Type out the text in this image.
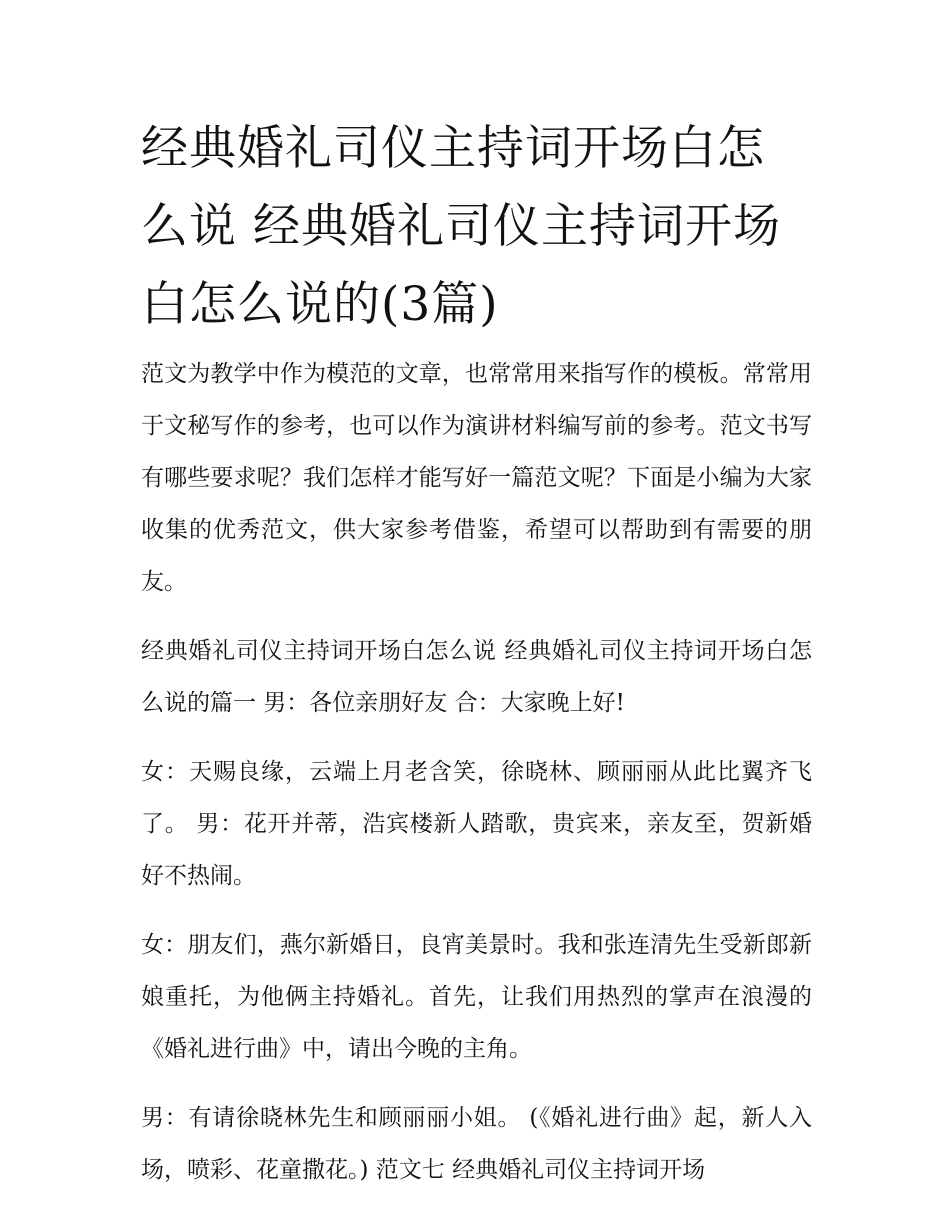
经典婚礼司仪主持词开场白怎么说 经典婚礼司仪主持词开场白怎么说的(3篇)

范文为教学中作为模范的文章，也常常用来指写作的模板。常常用于文秘写作的参考，也可以作为演讲材料编写前的参考。范文书写有哪些要求呢？我们怎样才能写好一篇范文呢？下面是小编为大家收集的优秀范文，供大家参考借鉴，希望可以帮助到有需要的朋友。

经典婚礼司仪主持词开场白怎么说 经典婚礼司仪主持词开场白怎么说的篇一 男：各位亲朋好友 合：大家晚上好!

女：天赐良缘，云端上月老含笑，徐晓林、顾丽丽从此比翼齐飞了。 男：花开并蒂，浩宾楼新人踏歌，贵宾来，亲友至，贺新婚好不热闹。

女：朋友们，燕尔新婚日，良宵美景时。我和张连清先生受新郎新娘重托，为他俩主持婚礼。首先，让我们用热烈的掌声在浪漫的《婚礼进行曲》中，请出今晚的主角。

男：有请徐晓林先生和顾丽丽小姐。 (《婚礼进行曲》起，新人入场，喷彩、花童撒花。) 范文七 经典婚礼司仪主持词开场
